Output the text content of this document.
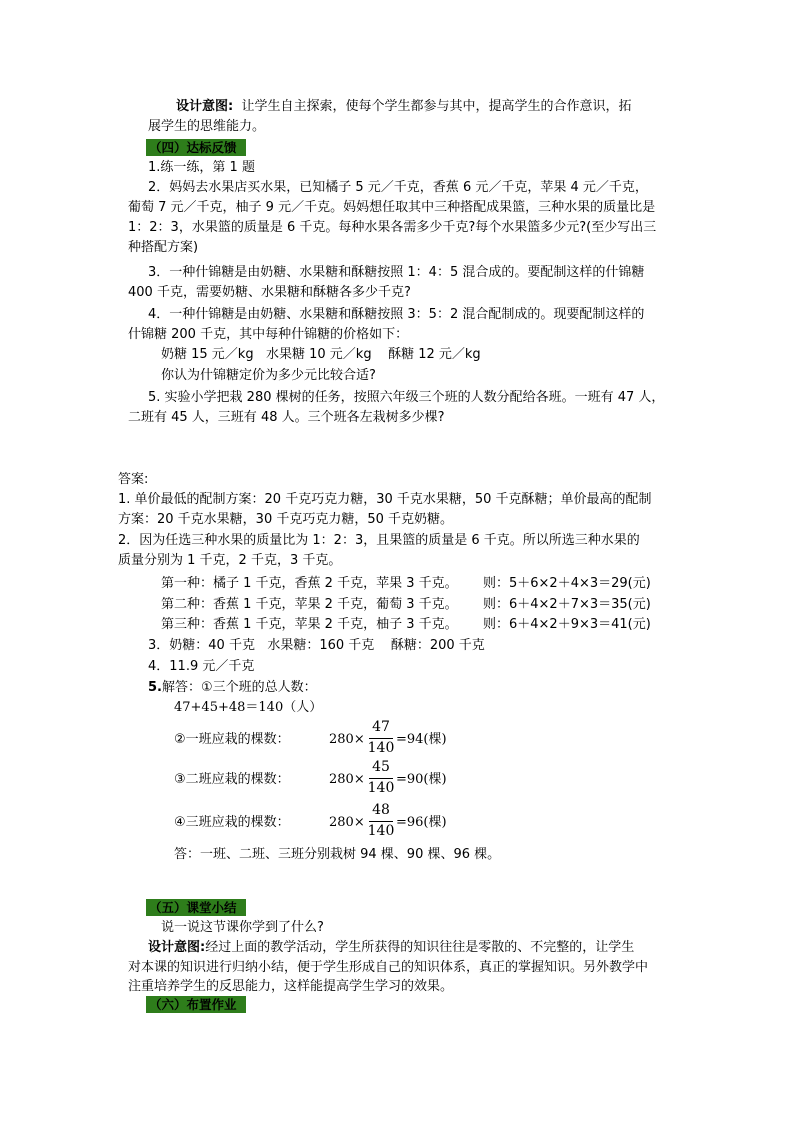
设计意图:  让学生自主探索，使每个学生都参与其中，提高学生的合作意识，拓
展学生的思维能力。
（四）达标反馈
1.练一练，第 1 题
2．妈妈去水果店买水果，已知橘子 5 元／千克，香蕉 6 元／千克，苹果 4 元／千克，
葡萄 7 元／千克，柚子 9 元／千克。妈妈想任取其中三种搭配成果篮，三种水果的质量比是
1：2：3，水果篮的质量是 6 千克。每种水果各需多少千克?每个水果篮多少元?(至少写出三
种搭配方案)
3．一种什锦糖是由奶糖、水果糖和酥糖按照 1：4：5 混合成的。要配制这样的什锦糖
400 千克，需要奶糖、水果糖和酥糖各多少千克?
4．一种什锦糖是由奶糖、水果糖和酥糖按照 3：5：2 混合配制成的。现要配制这样的
什锦糖 200 千克，其中每种什锦糖的价格如下：
奶糖 15 元／kg   水果糖 10 元／kg    酥糖 12 元／kg
你认为什锦糖定价为多少元比较合适?
5. 实验小学把栽 280 棵树的任务，按照六年级三个班的人数分配给各班。一班有 47 人，
二班有 45 人，三班有 48 人。三个班各左栽树多少棵?
答案:
1. 单价最低的配制方案：20 千克巧克力糖，30 千克水果糖，50 千克酥糖；单价最高的配制
方案：20 千克水果糖，30 千克巧克力糖，50 千克奶糖。
2．因为任选三种水果的质量比为 1：2：3，且果篮的质量是 6 千克。所以所选三种水果的
质量分别为 1 千克，2 千克，3 千克。
第一种：橘子 1 千克，香蕉 2 千克，苹果 3 千克。 则：5＋6×2＋4×3＝29(元)
第二种：香蕉 1 千克，苹果 2 千克，葡萄 3 千克。 则：6＋4×2＋7×3＝35(元)
第三种：香蕉 1 千克，苹果 2 千克，柚子 3 千克。 则：6＋4×2＋9×3＝41(元)
3．奶糖：40 千克   水果糖：160 千克    酥糖：200 千克
4．11.9 元／千克
5.解答：①三个班的总人数：
47+45+48＝140（人）
②一班应栽的棵数：	280×
47
140
=94(棵)
③二班应栽的棵数：	280×
45
140
=90(棵)
④三班应栽的棵数：	280×
48
140
=96(棵)
答：一班、二班、三班分别栽树 94 棵、90 棵、96 棵。
（五）课堂小结
说一说这节课你学到了什么?
设计意图:经过上面的教学活动，学生所获得的知识往往是零散的、不完整的，让学生
对本课的知识进行归纳小结，便于学生形成自己的知识体系，真正的掌握知识。另外教学中
注重培养学生的反思能力，这样能提高学生学习的效果。
（六）布置作业
